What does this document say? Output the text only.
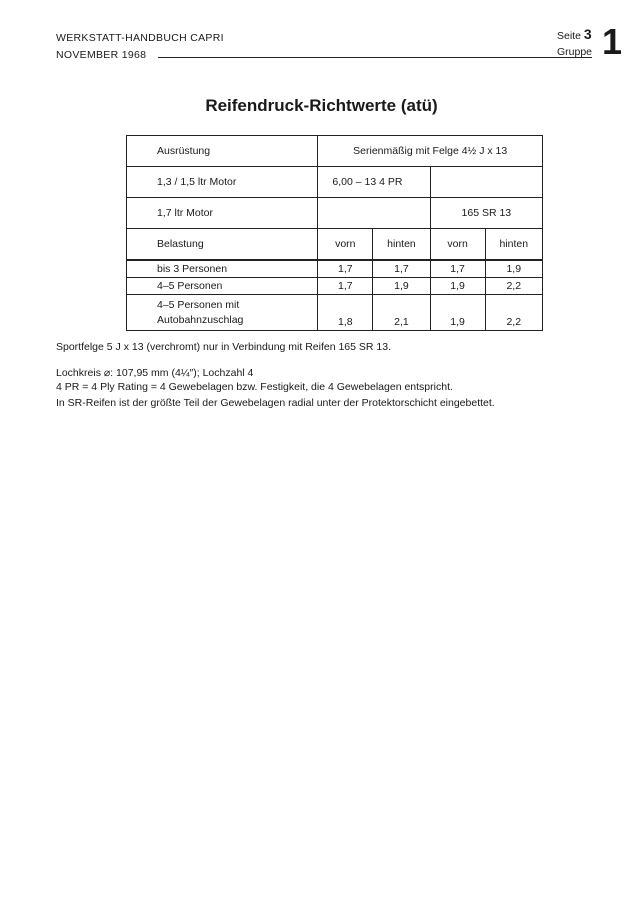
WERKSTATT-HANDBUCH CAPRI
NOVEMBER 1968
Seite 3
Gruppe 1
Reifendruck-Richtwerte (atü)
Ausrüstung	Serienmäßig mit Felge 4½ J x 13			
1,3 / 1,5 ltr Motor	6,00 – 13 4 PR			
1,7 ltr Motor			165 SR 13	
Belastung	vorn	hinten	vorn	hinten
bis 3 Personen	1,7	1,7	1,7	1,9
4–5 Personen	1,7	1,9	1,9	2,2

4–5 Personen mit
Autobahnzuschlag	1,8	2,1	1,9	2,2
Sportfelge 5 J x 13 (verchromt) nur in Verbindung mit Reifen 165 SR 13.
Lochkreis ⌀: 107,95 mm (4¼″); Lochzahl 4
4 PR = 4 Ply Rating = 4 Gewebelagen bzw. Festigkeit, die 4 Gewebelagen entspricht.
In SR-Reifen ist der größte Teil der Gewebelagen radial unter der Protektorschicht eingebettet.
